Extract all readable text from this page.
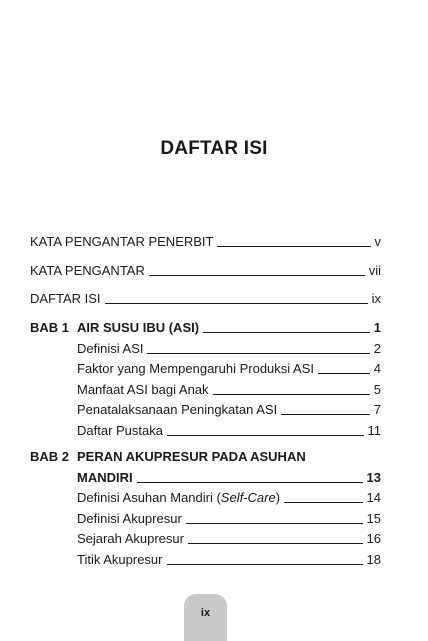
DAFTAR ISI
KATA PENGANTAR PENERBIT	v
KATA PENGANTAR	vii
DAFTAR ISI	ix
BAB 1 AIR SUSU IBU (ASI)	1
Definisi ASI	2
Faktor yang Mempengaruhi Produksi ASI	4
Manfaat ASI bagi Anak	5
Penatalaksanaan Peningkatan ASI	7
Daftar Pustaka	11
BAB 2 PERAN AKUPRESUR PADA ASUHAN
MANDIRI	13
Definisi Asuhan Mandiri (Self-Care)	14
Definisi Akupresur	15
Sejarah Akupresur	16
Titik Akupresur	18
ix
